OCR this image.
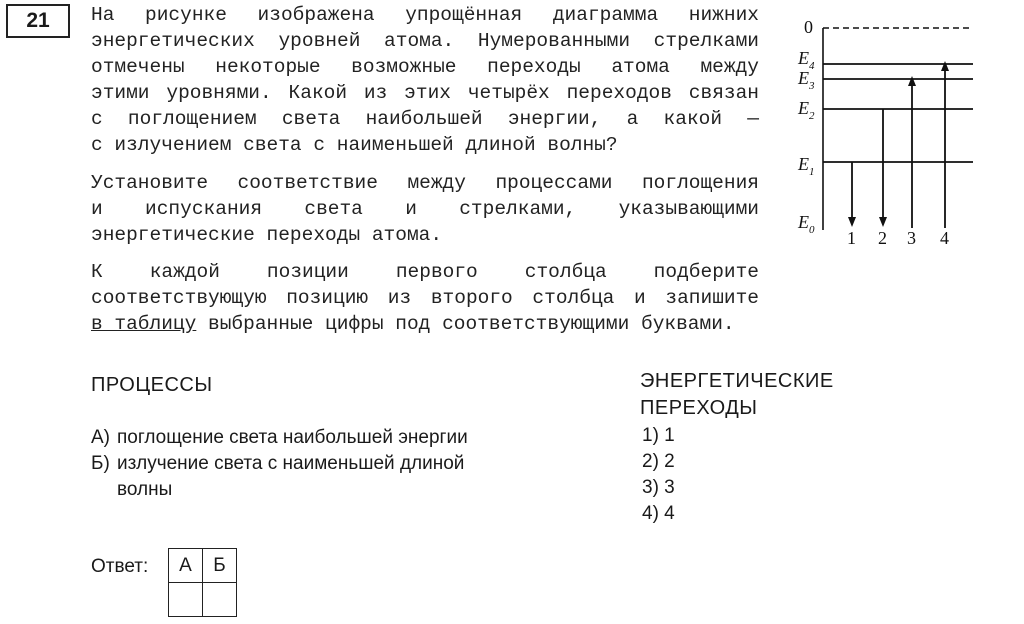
21	На рисунке изображена упрощённая диаграмма нижних
энергетических уровней атома. Нумерованными стрелками
отмечены некоторые возможные переходы атома между
этими уровнями. Какой из этих четырёх переходов связан
с поглощением света наибольшей энергии, а какой —
с излучением света с наименьшей длиной волны?

Установите соответствие между процессами поглощения
и испускания света и стрелками, указывающими
энергетические переходы атома.

К каждой позиции первого столбца подберите
соответствующую позицию из второго столбца и запишите
в таблицу выбранные цифры под соответствующими буквами.

0
$E_4$
$E_3$
$E_2$
$E_1$
$E_0$ 1 2 3 4
ПРОЦЕССЫ
А) поглощение света наибольшей энергии
Б) излучение света с наименьшей длиной
волны
ЭНЕРГЕТИЧЕСКИЕ
ПЕРЕХОДЫ
1) 1
2) 2
3) 3
4) 4
Ответ: А	Б
